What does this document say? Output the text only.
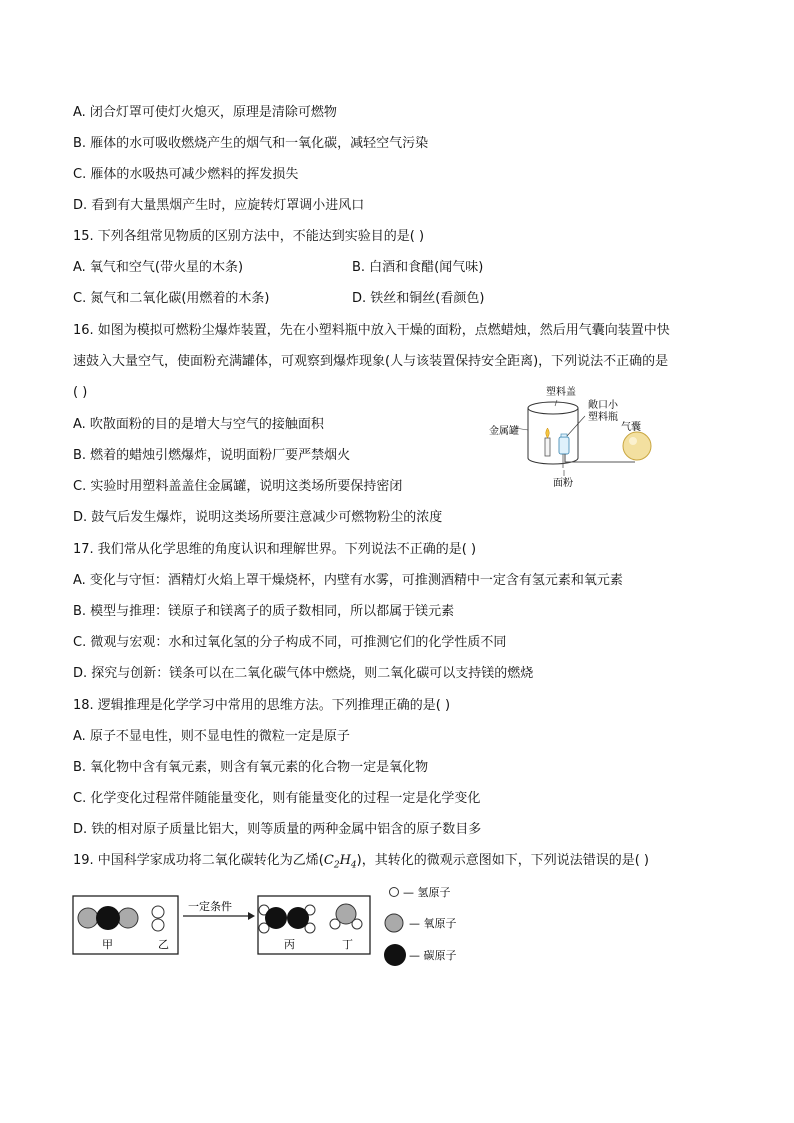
A. 闭合灯罩可使灯火熄灭，原理是清除可燃物
B. 雁体的水可吸收燃烧产生的烟气和一氧化碳，减轻空气污染
C. 雁体的水吸热可减少燃料的挥发损失
D. 看到有大量黑烟产生时，应旋转灯罩调小进风口
15. 下列各组常见物质的区别方法中，不能达到实验目的是( )
A. 氧气和空气(带火星的木条)	B. 白酒和食醋(闻气味)
C. 氮气和二氧化碳(用燃着的木条)	D. 铁丝和铜丝(看颜色)
16. 如图为模拟可燃粉尘爆炸装置，先在小塑料瓶中放入干燥的面粉，点燃蜡烛，然后用气囊向装置中快
速鼓入大量空气，使面粉充满罐体，可观察到爆炸现象(人与该装置保持安全距离)，下列说法不正确的是
( )
A. 吹散面粉的目的是增大与空气的接触面积
B. 燃着的蜡烛引燃爆炸，说明面粉厂要严禁烟火
C. 实验时用塑料盖盖住金属罐，说明这类场所要保持密闭
D. 鼓气后发生爆炸，说明这类场所要注意减少可燃物粉尘的浓度
塑料盖
金属罐
敞口小
塑料瓶
气囊
面粉
17. 我们常从化学思维的角度认识和理解世界。下列说法不正确的是( )
A. 变化与守恒：酒精灯火焰上罩干燥烧杯，内壁有水雾，可推测酒精中一定含有氢元素和氧元素
B. 模型与推理：镁原子和镁离子的质子数相同，所以都属于镁元素
C. 微观与宏观：水和过氧化氢的分子构成不同，可推测它们的化学性质不同
D. 探究与创新：镁条可以在二氧化碳气体中燃烧，则二氧化碳可以支持镁的燃烧
18. 逻辑推理是化学学习中常用的思维方法。下列推理正确的是( )
A. 原子不显电性，则不显电性的微粒一定是原子
B. 氧化物中含有氧元素，则含有氧元素的化合物一定是氧化物
C. 化学变化过程常伴随能量变化，则有能量变化的过程一定是化学变化
D. 铁的相对原子质量比铝大，则等质量的两种金属中铝含的原子数目多
19. 中国科学家成功将二氧化碳转化为乙烯$(C_2H_4)$，其转化的微观示意图如下，下列说法错误的是( )
甲	乙
一定条件
丙	丁
— 氢原子
— 氧原子
— 碳原子
